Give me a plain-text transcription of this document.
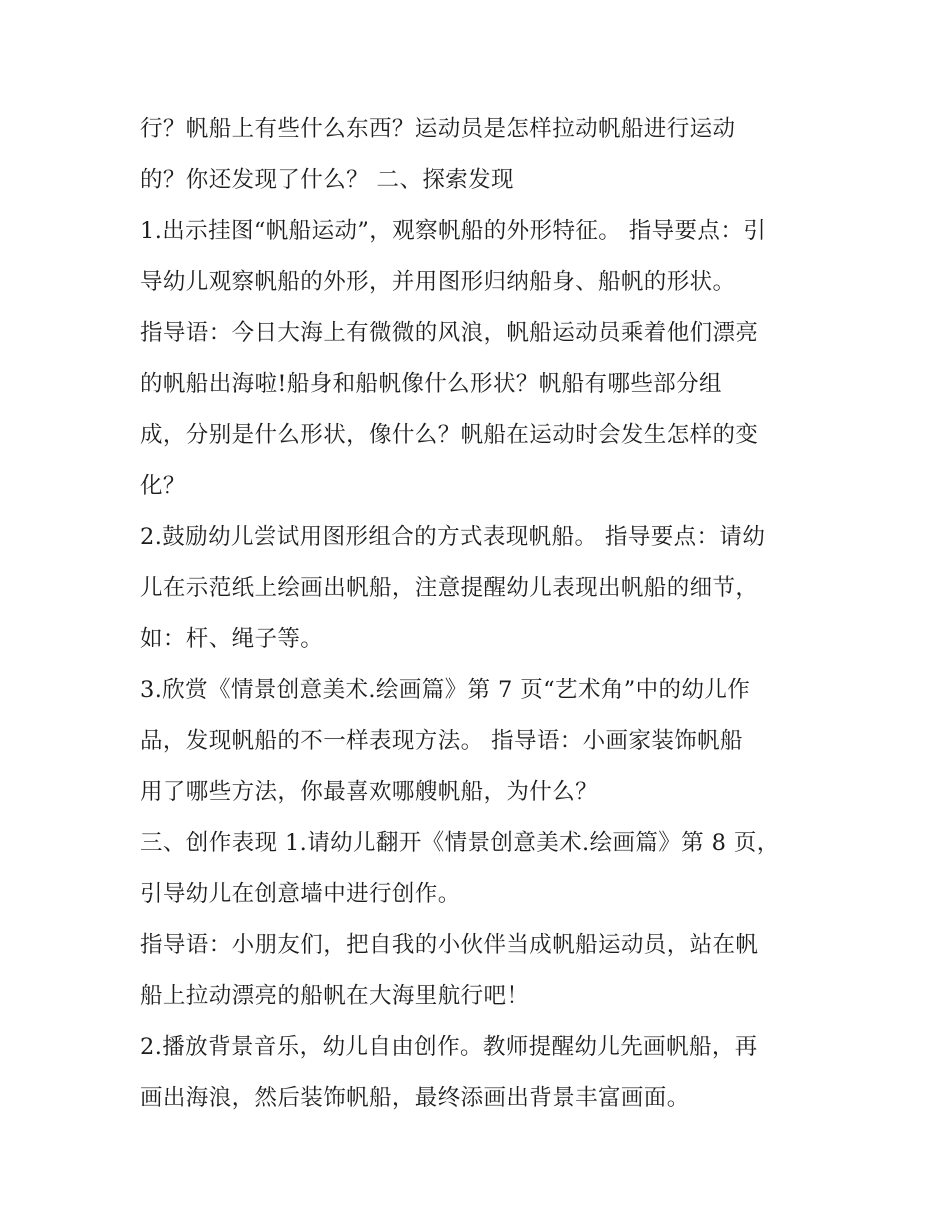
行？帆船上有些什么东西？运动员是怎样拉动帆船进行运动
的？你还发现了什么？ 二、探索发现
1.出示挂图“帆船运动”，观察帆船的外形特征。 指导要点：引
导幼儿观察帆船的外形，并用图形归纳船身、船帆的形状。
指导语：今日大海上有微微的风浪，帆船运动员乘着他们漂亮
的帆船出海啦!船身和船帆像什么形状？帆船有哪些部分组
成，分别是什么形状，像什么？帆船在运动时会发生怎样的变
化？
2.鼓励幼儿尝试用图形组合的方式表现帆船。 指导要点：请幼
儿在示范纸上绘画出帆船，注意提醒幼儿表现出帆船的细节，
如：杆、绳子等。
3.欣赏《情景创意美术.绘画篇》第 7 页“艺术角”中的幼儿作
品，发现帆船的不一样表现方法。 指导语：小画家装饰帆船
用了哪些方法，你最喜欢哪艘帆船，为什么？
三、创作表现 1.请幼儿翻开《情景创意美术.绘画篇》第 8 页，
引导幼儿在创意墙中进行创作。
指导语：小朋友们，把自我的小伙伴当成帆船运动员，站在帆
船上拉动漂亮的船帆在大海里航行吧！
2.播放背景音乐，幼儿自由创作。教师提醒幼儿先画帆船，再
画出海浪，然后装饰帆船，最终添画出背景丰富画面。
